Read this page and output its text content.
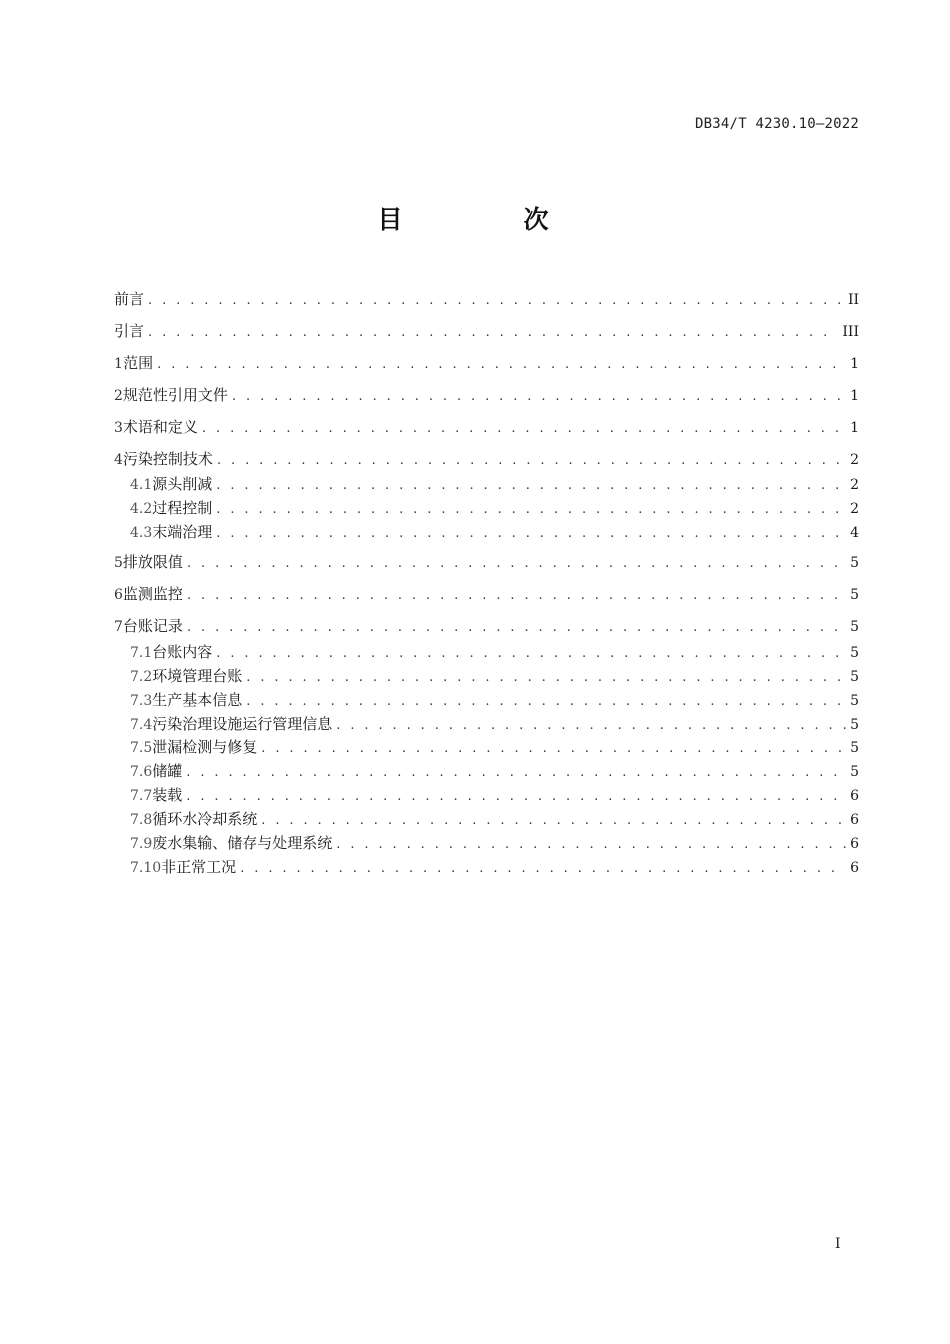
DB34/T 4230.10—2022
目　次
前言 . . .	II
引言 . . .	III
1 范围 . . .	1
2 规范性引用文件 . . .	1
3 术语和定义 . . .	1
4 污染控制技术 . . .	2
4.1 源头削减 . . .	2
4.2 过程控制 . . .	2
4.3 末端治理 . . .	4
5 排放限值 . . .	5
6 监测监控 . . .	5
7 台账记录 . . .	5
7.1 台账内容 . . .	5
7.2 环境管理台账 . . .	5
7.3 生产基本信息 . . .	5
7.4 污染治理设施运行管理信息 . . .	5
7.5 泄漏检测与修复 . . .	5
7.6 储罐 . . .	5
7.7 装载 . . .	6
7.8 循环水冷却系统 . . .	6
7.9 废水集输、储存与处理系统 . . .	6
7.10 非正常工况 . . .	6
I
